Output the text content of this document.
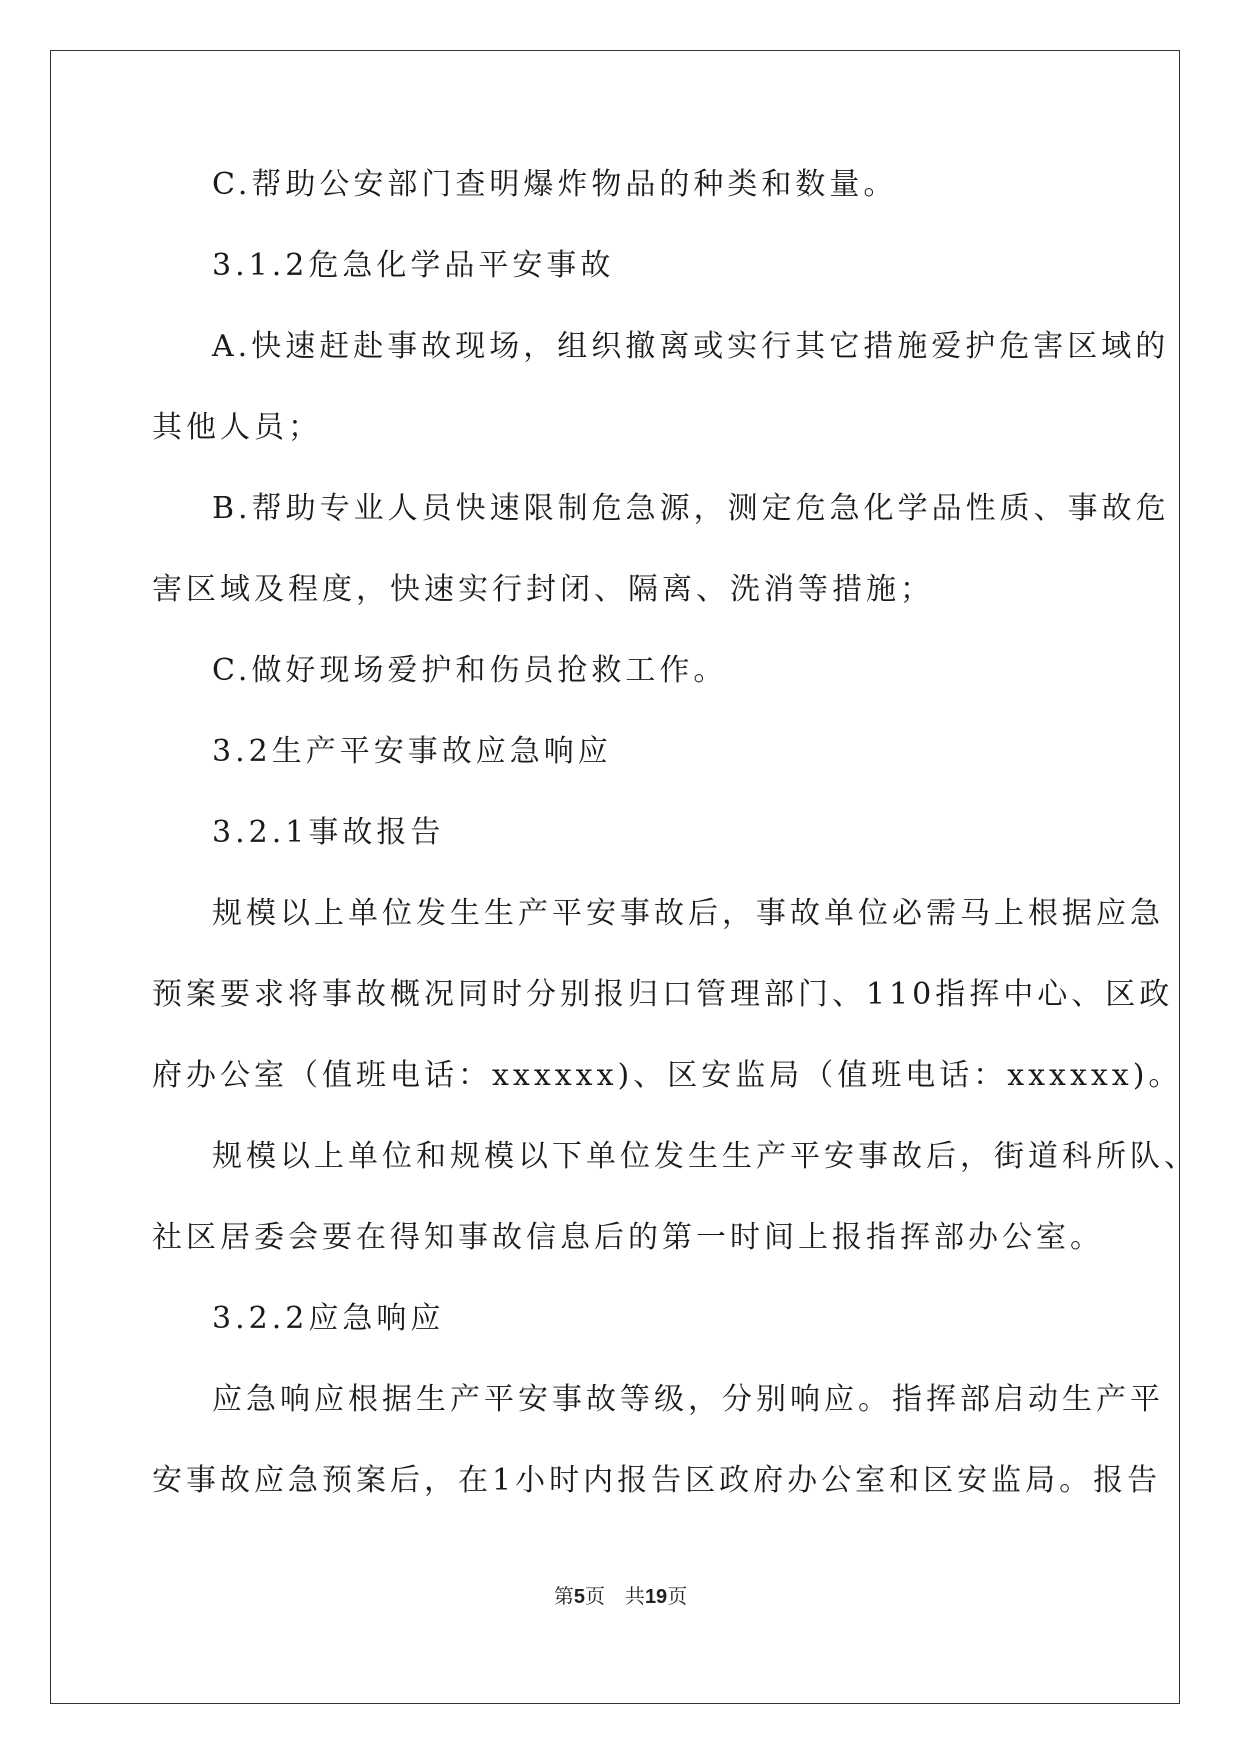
C.帮助公安部门查明爆炸物品的种类和数量。

3.1.2危急化学品平安事故

A.快速赶赴事故现场，组织撤离或实行其它措施爱护危害区域的

其他人员；

B.帮助专业人员快速限制危急源，测定危急化学品性质、事故危

害区域及程度，快速实行封闭、隔离、洗消等措施；

C.做好现场爱护和伤员抢救工作。

3.2生产平安事故应急响应

3.2.1事故报告

规模以上单位发生生产平安事故后，事故单位必需马上根据应急

预案要求将事故概况同时分别报归口管理部门、110指挥中心、区政

府办公室（值班电话：xxxxxx)、区安监局（值班电话：xxxxxx)。

规模以上单位和规模以下单位发生生产平安事故后，街道科所队、

社区居委会要在得知事故信息后的第一时间上报指挥部办公室。

3.2.2应急响应

应急响应根据生产平安事故等级，分别响应。指挥部启动生产平

安事故应急预案后，在1小时内报告区政府办公室和区安监局。报告

第5页　共19页
